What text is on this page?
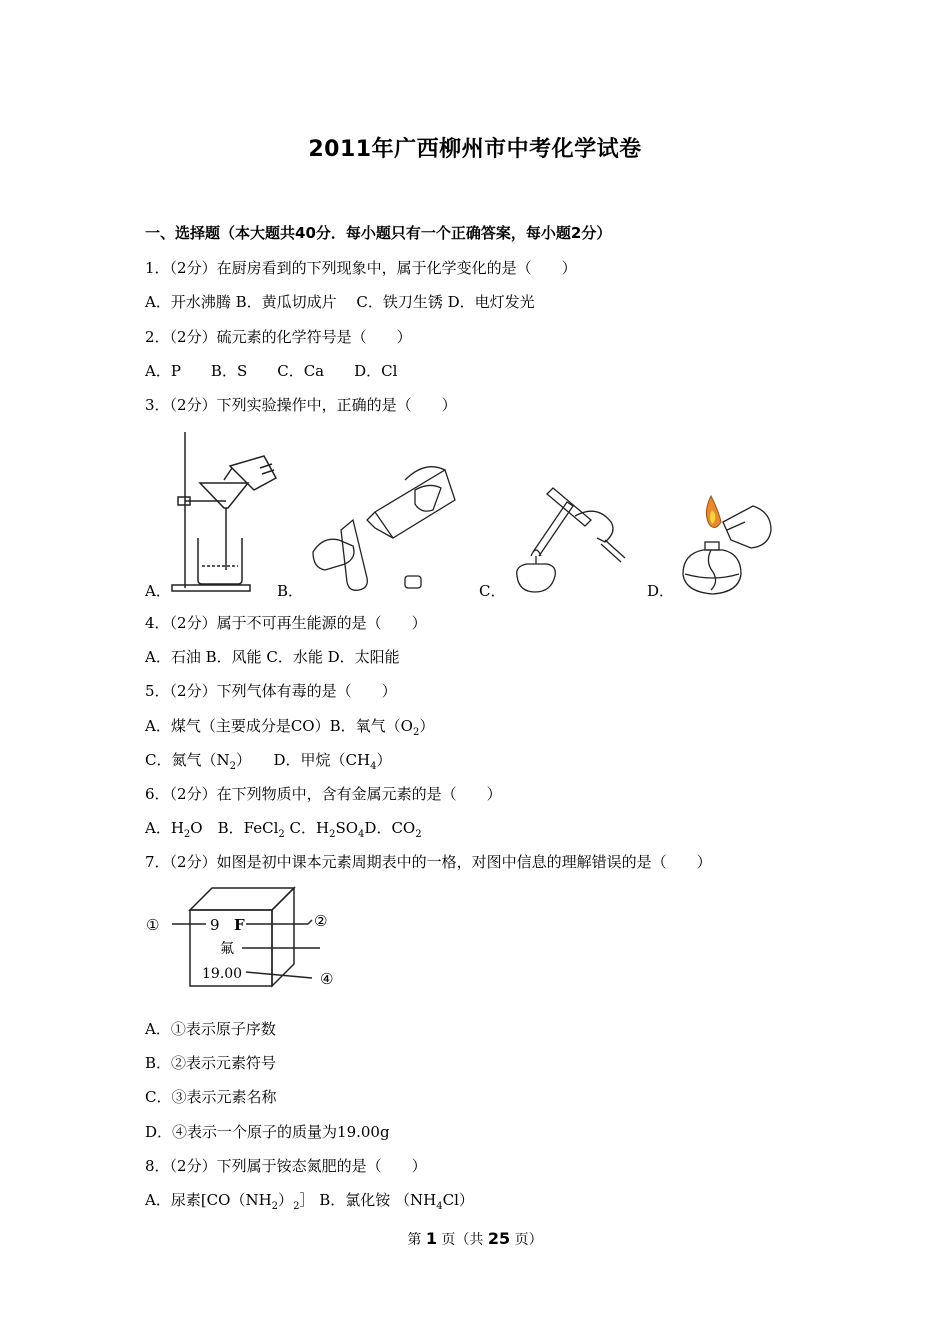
2011年广西柳州市中考化学试卷
一、选择题（本大题共40分．每小题只有一个正确答案，每小题2分）
1．（2分）在厨房看到的下列现象中，属于化学变化的是（　　）
A．开水沸腾 B．黄瓜切成片　 C．铁刀生锈 D．电灯发光
2．（2分）硫元素的化学符号是（　　）
A．P　　B．S　　C．Ca　　D．Cl
3．（2分）下列实验操作中，正确的是（　　）
A．	B．	C．	D．
4．（2分）属于不可再生能源的是（　　）
A．石油 B．风能 C．水能 D．太阳能
5．（2分）下列气体有毒的是（　　）
A．煤气（主要成分是CO）B．氧气$(O_2)$
C．氮气$(N_2)$　　 D．甲烷$(CH_4)$
6．（2分）在下列物质中，含有金属元素的是（　　）
A．$H_2O$　B．FeCl$_2$ C．$H_2SO_4D$．$CO_2$
7．（2分）如图是初中课本元素周期表中的一格，对图中信息的理解错误的是（　　）
①	②
④
9 F
氟
19.00
A．①表示原子序数
B．②表示元素符号
C．③表示元素名称
D．④表示一个原子的质量为19.00g
8．（2分）下列属于铵态氮肥的是（　　）
A．尿素[$CO(NH_2)_2]$ B．氯化铵 $(NH_4Cl)$
第 1 页（共 25 页）
